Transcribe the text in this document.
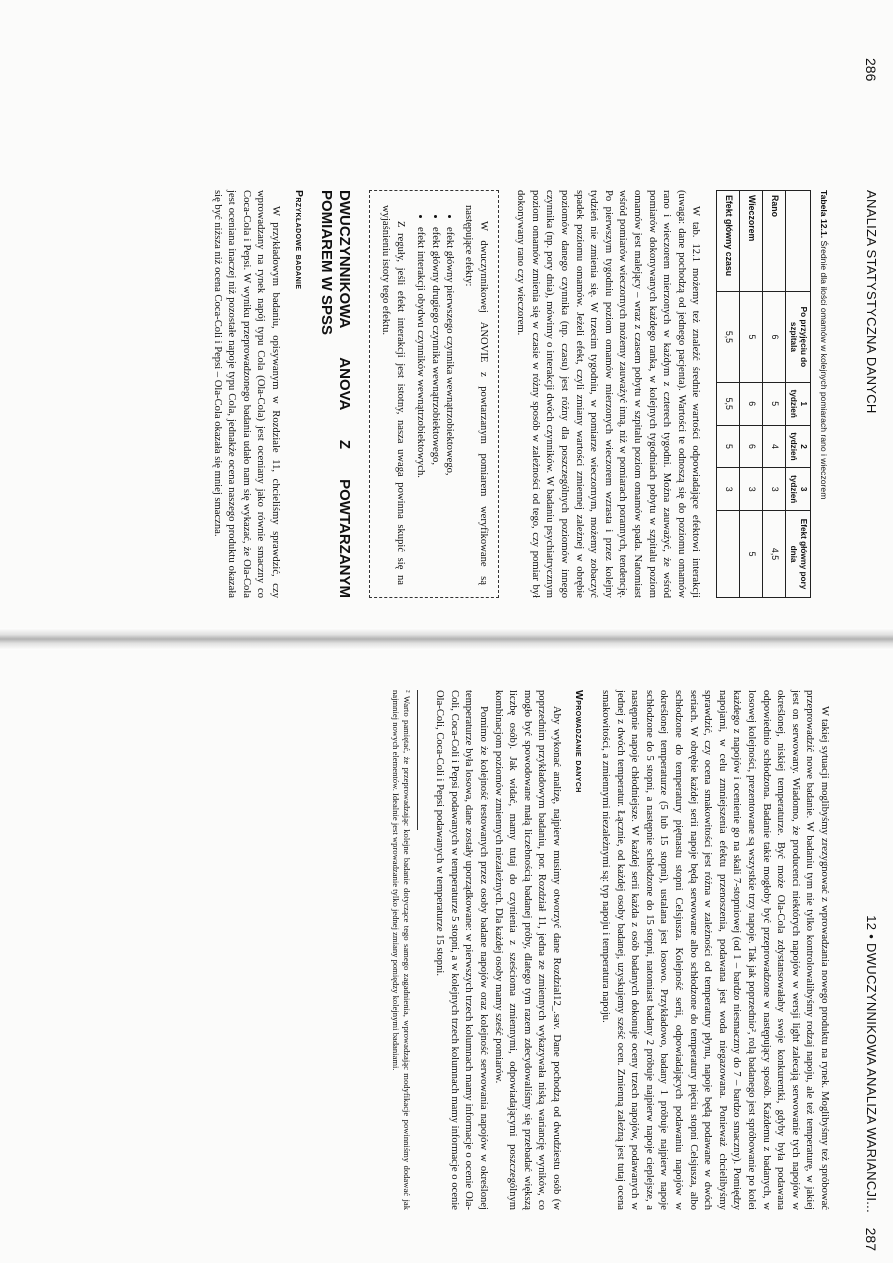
286
ANALIZA STATYSTYCZNA DANYCH
Tabela 12.1. Średnie dla ilości omamów w kolejnych pomiarach rano i wieczorem
	Po przyjęciu do szpitala	1 tydzień	2 tydzień	3 tydzień	Efekt główny pory dnia
Rano	6	5	4	3	4,5
Wieczorem	5	6	6	3	5
Efekt główny czasu	5,5	5,5	5	3	

W tab. 12.1 możemy też znaleźć średnie wartości odpowiadające efektowi interakcji (uwaga: dane pochodzą od jednego pacjenta). Wartości te odnoszą się do poziomu omamów rano i wieczorem mierzonych w każdym z czterech tygodni. Można zauważyć, że wśród pomiarów dokonywanych każdego ranka, w kolejnych tygodniach pobytu w szpitalu poziom omamów jest malejący – wraz z czasem pobytu w szpitalu poziom omamów spada. Natomiast wśród pomiarów wieczornych możemy zauważyć inną, niż w pomiarach porannych, tendencję. Po pierwszym tygodniu poziom omamów mierzonych wieczorem wzrasta i przez kolejny tydzień nie zmienia się. W trzecim tygodniu, w pomiarze wieczornym, możemy zobaczyć spadek poziomu omamów. Jeżeli efekt, czyli zmiany wartości zmiennej zależnej w obrębie poziomów danego czynnika (np. czasu) jest różny dla poszczególnych poziomów innego czynnika (np. pory dnia), mówimy o interakcji dwóch czynników. W badaniu psychiatrycznym poziom omamów zmienia się w czasie w różny sposób w zależności od tego, czy pomiar był dokonywany rano czy wieczorem.

W dwuczynnikowej ANOVIE z powtarzanym pomiarem weryfikowane są następujące efekty:

• efekt główny pierwszego czynnika wewnątrzobiektowego,
• efekt główny drugiego czynnika wewnątrzobiektowego,
• efekt interakcji obydwu czynników wewnątrzobiektowych.

Z reguły, jeśli efekt interakcji jest istotny, nasza uwaga powinna skupić się na wyjaśnieniu istoty tego efektu.

DWUCZYNNIKOWA ANOVA Z POWTARZANYM POMIAREM W SPSS
Przykładowe badanie

W przykładowym badaniu, opisywanym w Rozdziale 11, chcieliśmy sprawdzić, czy wprowadzany na rynek napój typu Cola (Ola-Cola) jest oceniany jako równie smaczny co Coca-Cola i Pepsi. W wyniku przeprowadzonego badania udało nam się wykazać, że Ola-Cola jest oceniana inaczej niż pozostałe napoje typu Cola, jednakże ocena naszego produktu okazała się być niższa niż ocena Coca-Coli i Pepsi – Ola-Cola okazała się mniej smaczna.

12 • DWUCZYNNIKOWA ANALIZA WARIANCJI...
287

W takiej sytuacji moglibyśmy zrezygnować z wprowadzania nowego produktu na rynek. Moglibyśmy też spróbować przeprowadzić nowe badanie. W badaniu tym nie tylko kontrolowalibyśmy rodzaj napoju, ale też temperaturę, w jakiej jest on serwowany. Wiadomo, że producenci niektórych napojów w wersji light zalecają serwowanie tych napojów w określonej, niskiej temperaturze. Być może Ola-Cola zdystansowałaby swoje konkurentki, gdyby była podawana odpowiednio schłodzona. Badanie takie mogłoby być przeprowadzone w następujący sposób. Każdemu z badanych, w losowej kolejności, prezentowane są wszystkie trzy napoje. Tak jak poprzednio², rolą badanego jest spróbowanie po kolei każdego z napojów i ocenienie go na skali 7-stopniowej (od 1 – bardzo niesmaczny do 7 – bardzo smaczny). Pomiędzy napojami, w celu zmniejszenia efektu przenoszenia, podawana jest woda niegazowana. Ponieważ chcielibyśmy sprawdzić, czy ocena smakowitości jest różna w zależności od temperatury płynu, napoje będą podawane w dwóch seriach. W obrębie każdej serii napoje będą serwowane albo schłodzone do temperatury pięciu stopni Celsjusza, albo schłodzone do temperatury piętnastu stopni Celsjusza. Kolejność serii, odpowiadających podawaniu napojów w określonej temperaturze (5 lub 15 stopni), ustalana jest losowo. Przykładowo, badany 1 próbuje najpierw napoje schłodzone do 5 stopni, a następnie schłodzone do 15 stopni, natomiast badany 2 próbuje najpierw napoje cieplejsze, a następnie napoje chłodniejsze. W każdej serii każda z osób badanych dokonuje oceny trzech napojów, podawanych w jednej z dwóch temperatur. Łącznie, od każdej osoby badanej, uzyskujemy sześć ocen. Zmienną zależną jest tutaj ocena smakowitości, a zmiennymi niezależnymi są: typ napoju i temperatura napoju.

Wprowadzanie danych

Aby wykonać analizę, najpierw musimy otworzyć dane Rozdzial12_.sav. Dane pochodzą od dwudziestu osób (w poprzednim przykładowym badaniu, por. Rozdział 11, jedna ze zmiennych wykazywała niską wariancję wyników, co mogło być spowodowane małą liczebnością badanej próby, dlatego tym razem zdecydowaliśmy się przebadać większą liczbę osób). Jak widać, mamy tutaj do czynienia z sześcioma zmiennymi, odpowiadającymi poszczególnym kombinacjom poziomów zmiennych niezależnych. Dla każdej osoby mamy sześć pomiarów.

Pomimo że kolejność testowanych przez osoby badane napojów oraz kolejność serwowania napojów w określonej temperaturze była losowa, dane zostały uporządkowane: w pierwszych trzech kolumnach mamy informacje o ocenie Ola-Coli, Coca-Coli i Pepsi podawanych w temperaturze 5 stopni, a w kolejnych trzech kolumnach mamy informacje o ocenie Ola-Coli, Coca-Coli i Pepsi podawanych w temperaturze 15 stopni.

² Warto pamiętać, że przeprowadzając kolejne badanie dotyczące tego samego zagadnienia, wprowadzając modyfikacje powinniśmy dodawać jak najmniej nowych elementów. Idealnie jest wprowadzanie tylko jednej zmiany pomiędzy kolejnymi badaniami.
